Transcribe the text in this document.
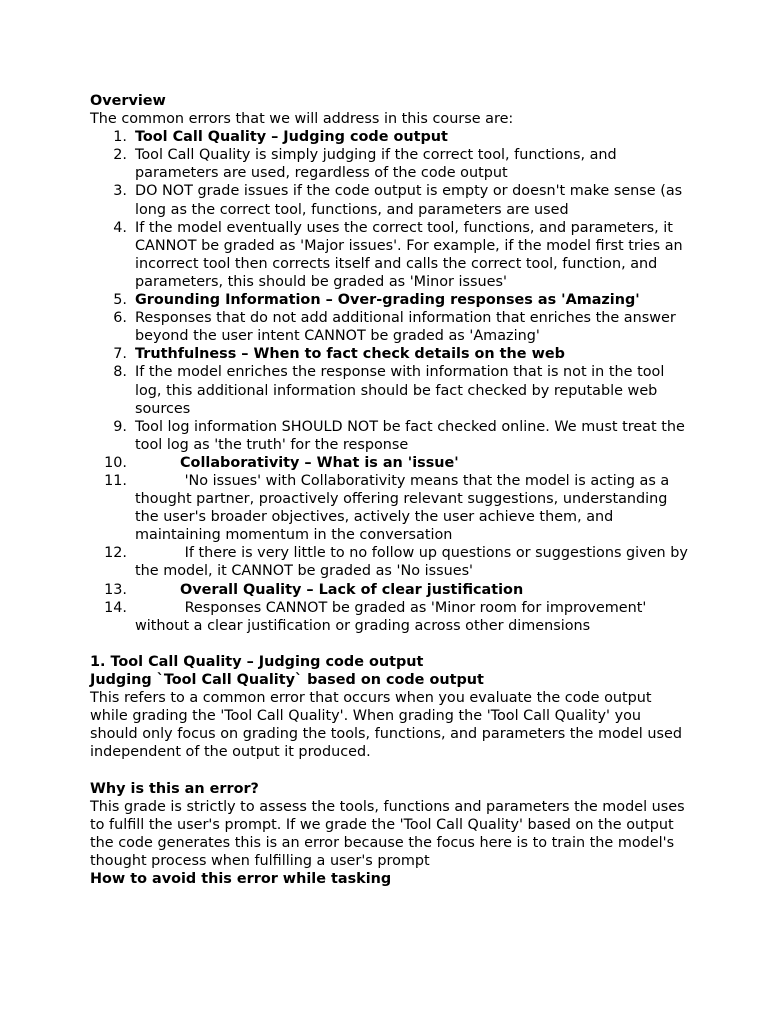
Overview
The common errors that we will address in this course are:
1. Tool Call Quality – Judging code output
2. Tool Call Quality is simply judging if the correct tool, functions, and parameters are used, regardless of the code output
3. DO NOT grade issues if the code output is empty or doesn't make sense (as long as the correct tool, functions, and parameters are used
4. If the model eventually uses the correct tool, functions, and parameters, it CANNOT be graded as 'Major issues'. For example, if the model first tries an incorrect tool then corrects itself and calls the correct tool, function, and parameters, this should be graded as 'Minor issues'
5. Grounding Information – Over-grading responses as 'Amazing'
6. Responses that do not add additional information that enriches the answer beyond the user intent CANNOT be graded as 'Amazing'
7. Truthfulness – When to fact check details on the web
8. If the model enriches the response with information that is not in the tool log, this additional information should be fact checked by reputable web sources
9. Tool log information SHOULD NOT be fact checked online. We must treat the tool log as 'the truth' for the response
10.	Collaborativity – What is an 'issue'
11.	'No issues' with Collaborativity means that the model is acting as a thought partner, proactively offering relevant suggestions, understanding the user's broader objectives, actively the user achieve them, and maintaining momentum in the conversation
12.	If there is very little to no follow up questions or suggestions given by the model, it CANNOT be graded as 'No issues'
13.	Overall Quality – Lack of clear justification
14.	Responses CANNOT be graded as 'Minor room for improvement' without a clear justification or grading across other dimensions
1. Tool Call Quality – Judging code output
Judging `Tool Call Quality` based on code output
This refers to a common error that occurs when you evaluate the code output while grading the 'Tool Call Quality'. When grading the 'Tool Call Quality' you should only focus on grading the tools, functions, and parameters the model used independent of the output it produced.
Why is this an error?
This grade is strictly to assess the tools, functions and parameters the model uses to fulfill the user's prompt. If we grade the 'Tool Call Quality' based on the output the code generates this is an error because the focus here is to train the model's thought process when fulfilling a user's prompt
How to avoid this error while tasking
